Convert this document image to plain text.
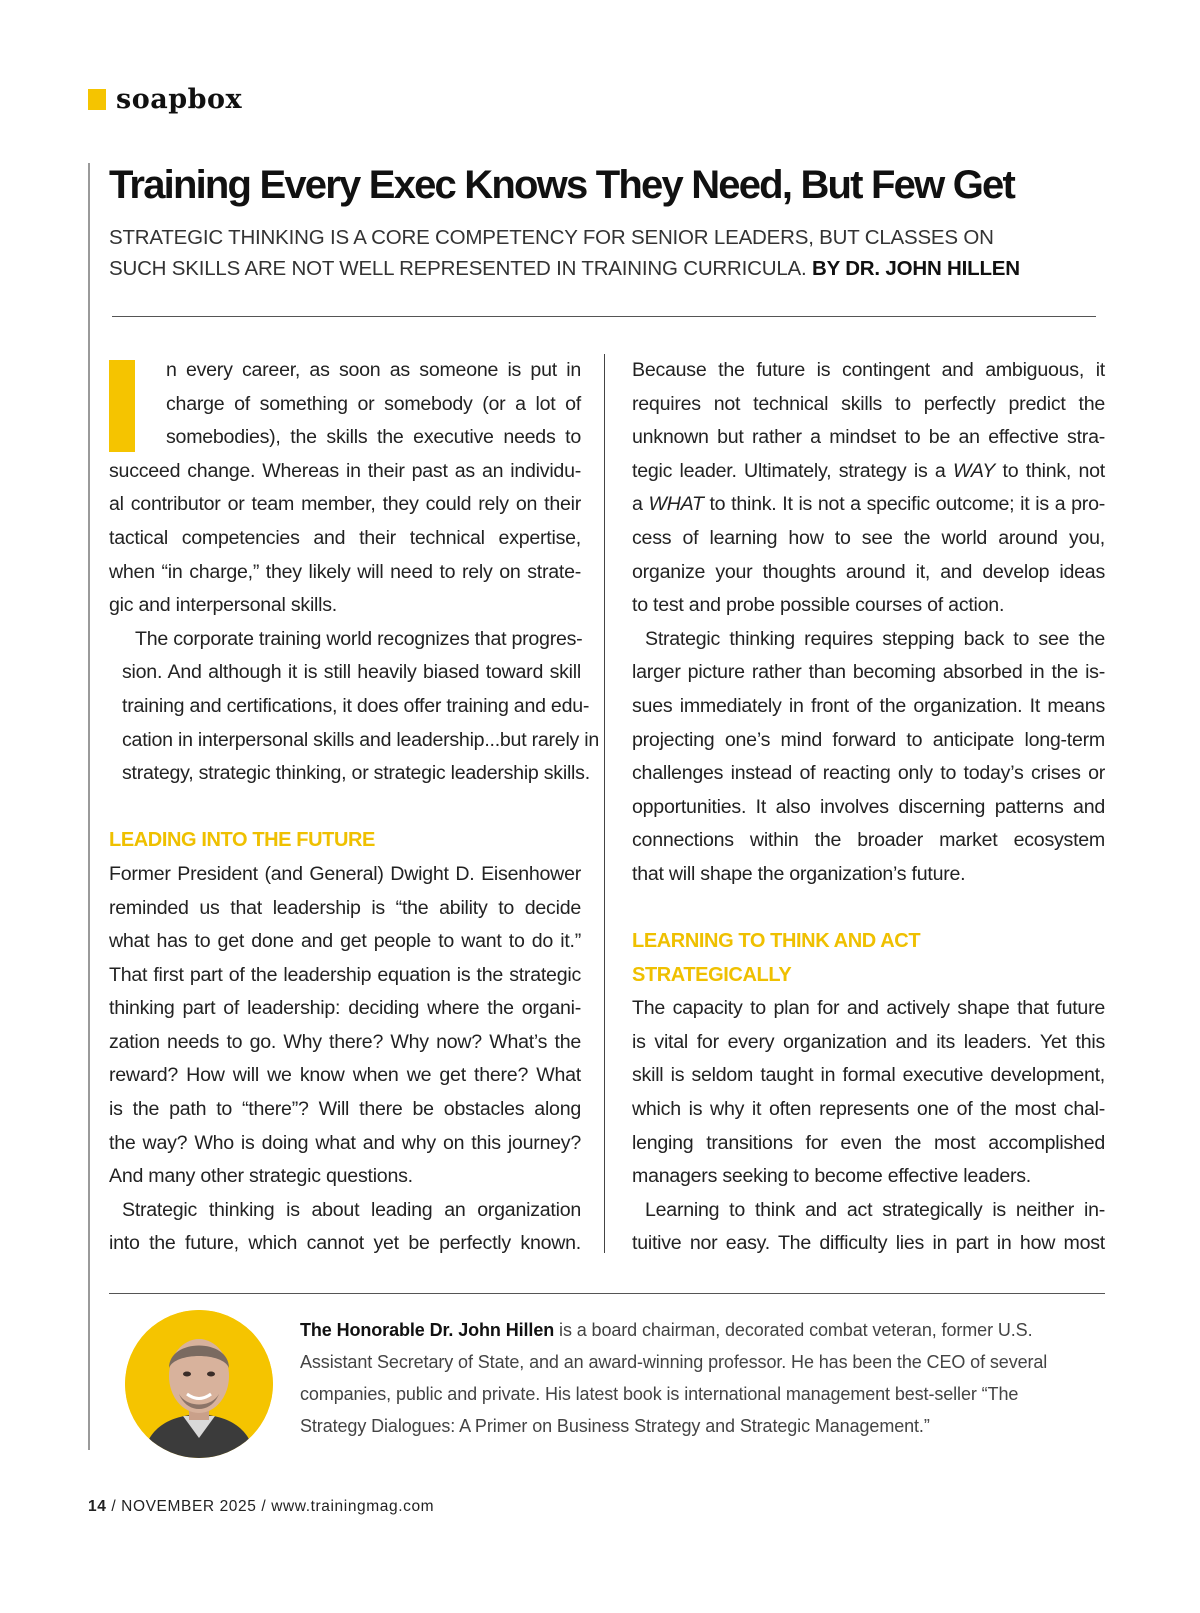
soapbox
Training Every Exec Knows They Need, But Few Get
STRATEGIC THINKING IS A CORE COMPETENCY FOR SENIOR LEADERS, BUT CLASSES ON
SUCH SKILLS ARE NOT WELL REPRESENTED IN TRAINING CURRICULA. BY DR. JOHN HILLEN

n every career, as soon as someone is put in
charge of something or somebody (or a lot of
somebodies), the skills the executive needs to
succeed change. Whereas in their past as an individu-
al contributor or team member, they could rely on their
tactical competencies and their technical expertise,
when “in charge,” they likely will need to rely on strate-
gic and interpersonal skills.

The corporate training world recognizes that progres-
sion. And although it is still heavily biased toward skill
training and certifications, it does offer training and edu-
cation in interpersonal skills and leadership...but rarely in
strategy, strategic thinking, or strategic leadership skills.

LEADING INTO THE FUTURE

Former President (and General) Dwight D. Eisenhower
reminded us that leadership is “the ability to decide
what has to get done and get people to want to do it.”
That first part of the leadership equation is the strategic
thinking part of leadership: deciding where the organi-
zation needs to go. Why there? Why now? What’s the
reward? How will we know when we get there? What
is the path to “there”? Will there be obstacles along
the way? Who is doing what and why on this journey?
And many other strategic questions.

Strategic thinking is about leading an organization
into the future, which cannot yet be perfectly known.

Because the future is contingent and ambiguous, it
requires not technical skills to perfectly predict the
unknown but rather a mindset to be an effective stra-
tegic leader. Ultimately, strategy is a WAY to think, not
a WHAT to think. It is not a specific outcome; it is a pro-
cess of learning how to see the world around you,
organize your thoughts around it, and develop ideas
to test and probe possible courses of action.

Strategic thinking requires stepping back to see the
larger picture rather than becoming absorbed in the is-
sues immediately in front of the organization. It means
projecting one’s mind forward to anticipate long-term
challenges instead of reacting only to today’s crises or
opportunities. It also involves discerning patterns and
connections within the broader market ecosystem
that will shape the organization’s future.

LEARNING TO THINK AND ACT
STRATEGICALLY

The capacity to plan for and actively shape that future
is vital for every organization and its leaders. Yet this
skill is seldom taught in formal executive development,
which is why it often represents one of the most chal-
lenging transitions for even the most accomplished
managers seeking to become effective leaders.

Learning to think and act strategically is neither in-
tuitive nor easy. The difficulty lies in part in how most

The Honorable Dr. John Hillen is a board chairman, decorated combat veteran, former U.S.
Assistant Secretary of State, and an award-winning professor. He has been the CEO of several
companies, public and private. His latest book is international management best-seller “The
Strategy Dialogues: A Primer on Business Strategy and Strategic Management.”
14 / NOVEMBER 2025 / www.trainingmag.com
